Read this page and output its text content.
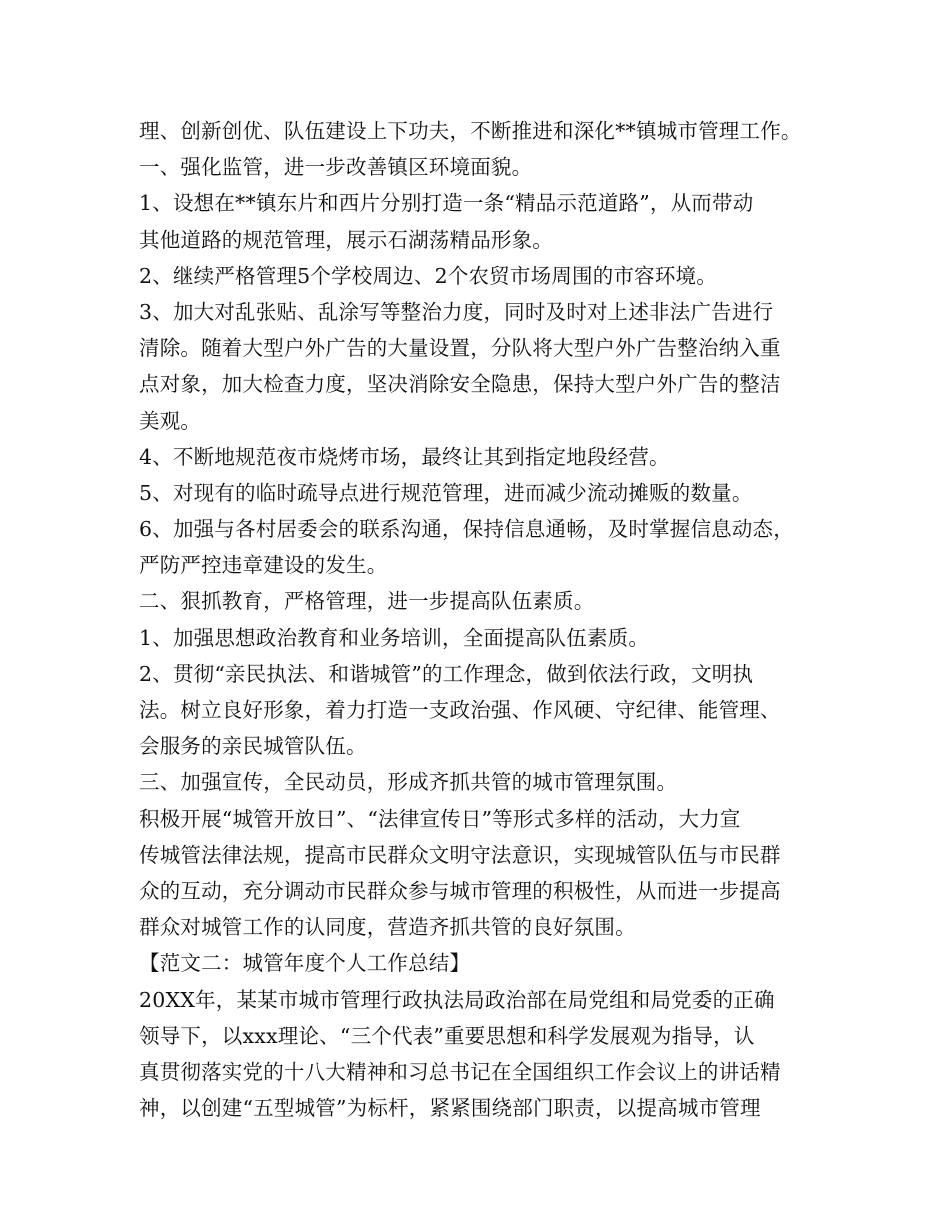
理、创新创优、队伍建设上下功夫，不断推进和深化**镇城市管理工作。
一、强化监管，进一步改善镇区环境面貌。
1、设想在**镇东片和西片分别打造一条“精品示范道路”，从而带动
其他道路的规范管理，展示石湖荡精品形象。
2、继续严格管理5个学校周边、2个农贸市场周围的市容环境。
3、加大对乱张贴、乱涂写等整治力度，同时及时对上述非法广告进行
清除。随着大型户外广告的大量设置，分队将大型户外广告整治纳入重
点对象，加大检查力度，坚决消除安全隐患，保持大型户外广告的整洁
美观。
4、不断地规范夜市烧烤市场，最终让其到指定地段经营。
5、对现有的临时疏导点进行规范管理，进而减少流动摊贩的数量。
6、加强与各村居委会的联系沟通，保持信息通畅，及时掌握信息动态，
严防严控违章建设的发生。
二、狠抓教育，严格管理，进一步提高队伍素质。
1、加强思想政治教育和业务培训，全面提高队伍素质。
2、贯彻“亲民执法、和谐城管”的工作理念，做到依法行政，文明执
法。树立良好形象，着力打造一支政治强、作风硬、守纪律、能管理、
会服务的亲民城管队伍。
三、加强宣传，全民动员，形成齐抓共管的城市管理氛围。
积极开展“城管开放日”、“法律宣传日”等形式多样的活动，大力宣
传城管法律法规，提高市民群众文明守法意识，实现城管队伍与市民群
众的互动，充分调动市民群众参与城市管理的积极性，从而进一步提高
群众对城管工作的认同度，营造齐抓共管的良好氛围。
【范文二：城管年度个人工作总结】
20XX年，某某市城市管理行政执法局政治部在局党组和局党委的正确
领导下，以xxx理论、“三个代表”重要思想和科学发展观为指导，认
真贯彻落实党的十八大精神和习总书记在全国组织工作会议上的讲话精
神，以创建“五型城管”为标杆，紧紧围绕部门职责，以提高城市管理
